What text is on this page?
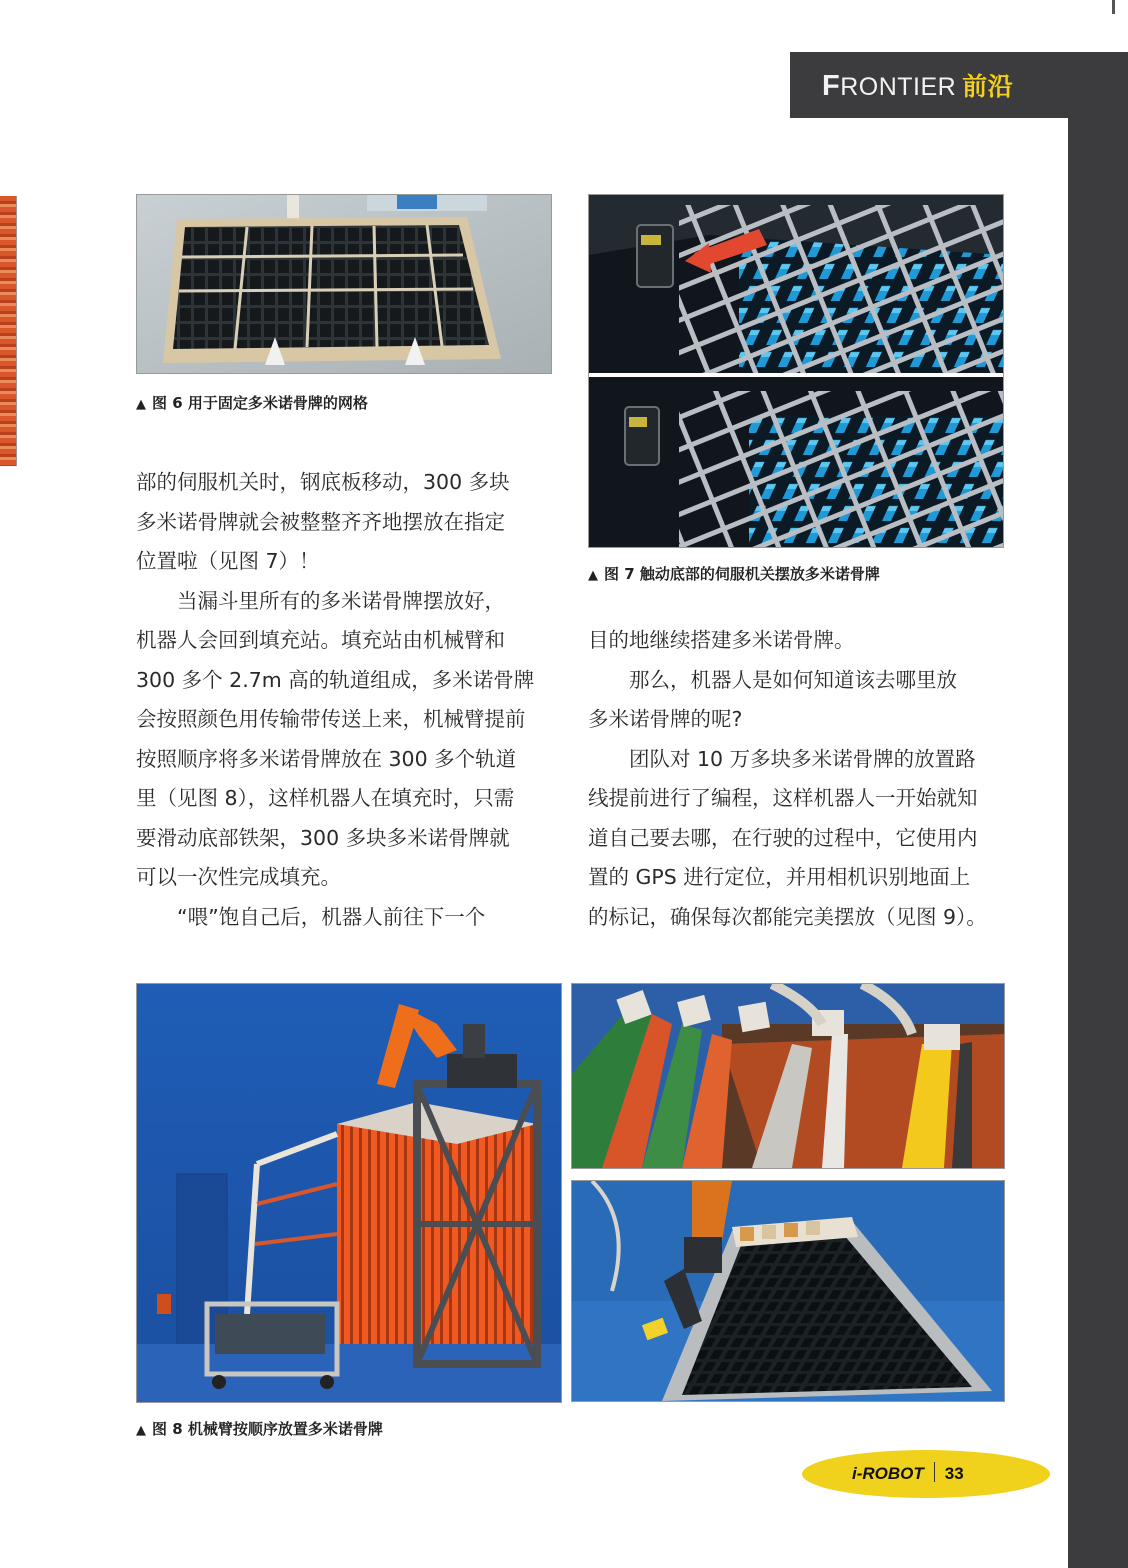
FRONTIER 前沿
▲ 图 6 用于固定多米诺骨牌的网格
▲ 图 7 触动底部的伺服机关摆放多米诺骨牌

部的伺服机关时，钢底板移动，300 多块

多米诺骨牌就会被整整齐齐地摆放在指定

位置啦（见图 7）！

当漏斗里所有的多米诺骨牌摆放好，

机器人会回到填充站。填充站由机械臂和

300 多个 2.7m 高的轨道组成，多米诺骨牌

会按照颜色用传输带传送上来，机械臂提前

按照顺序将多米诺骨牌放在 300 多个轨道

里（见图 8），这样机器人在填充时，只需

要滑动底部铁架，300 多块多米诺骨牌就

可以一次性完成填充。

“喂”饱自己后，机器人前往下一个

目的地继续搭建多米诺骨牌。

那么，机器人是如何知道该去哪里放

多米诺骨牌的呢?

团队对 10 万多块多米诺骨牌的放置路

线提前进行了编程，这样机器人一开始就知

道自己要去哪，在行驶的过程中，它使用内

置的 GPS 进行定位，并用相机识别地面上

的标记，确保每次都能完美摆放（见图 9）。

▲ 图 8 机械臂按顺序放置多米诺骨牌
i-ROBOT 33
